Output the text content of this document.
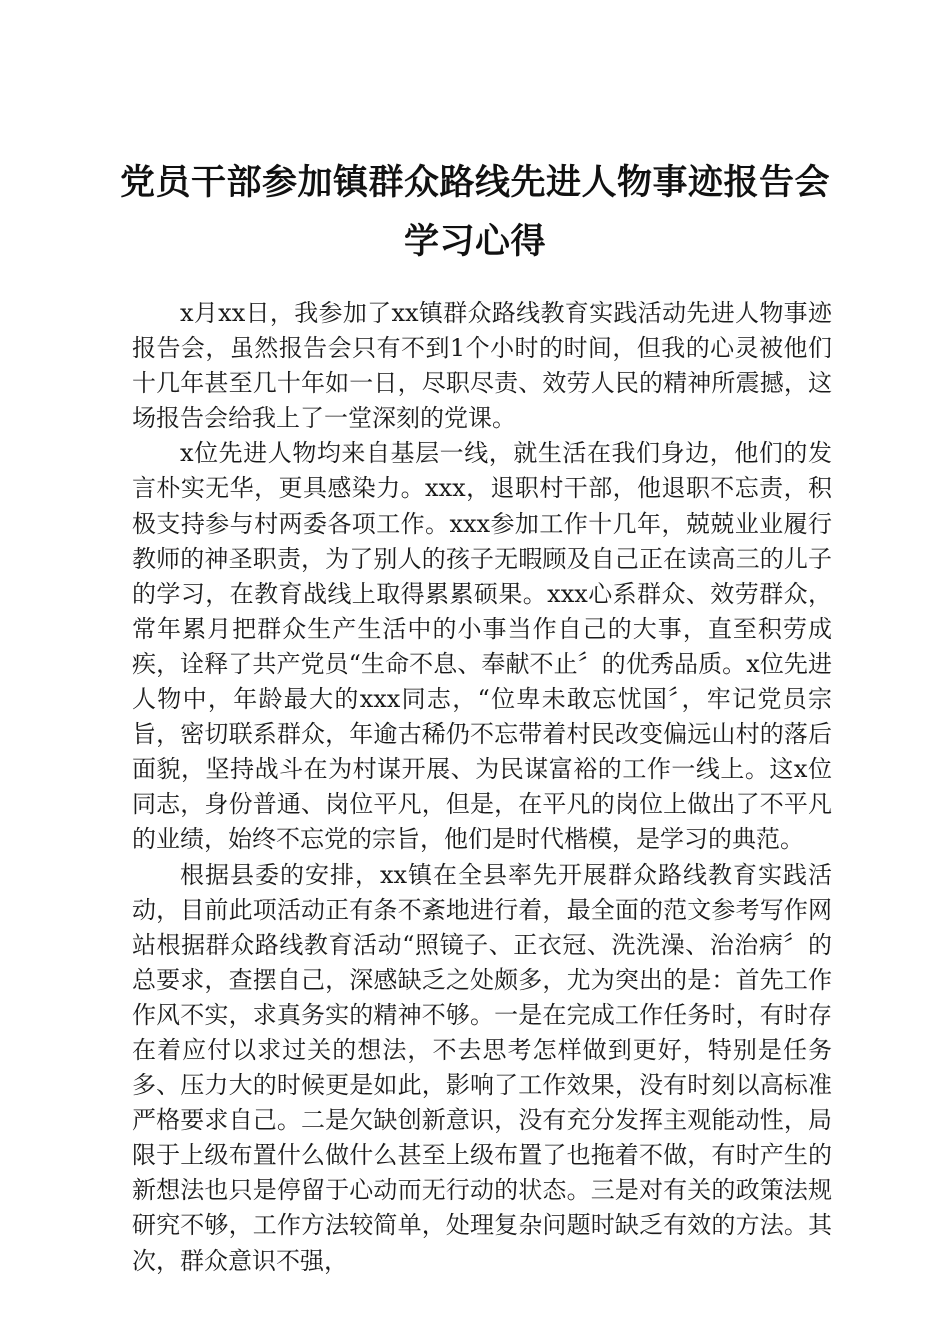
党员干部参加镇群众路线先进人物事迹报告会
学习心得

x月xx日，我参加了xx镇群众路线教育实践活动先进人物事迹报告会，虽然报告会只有不到1个小时的时间，但我的心灵被他们十几年甚至几十年如一日，尽职尽责、效劳人民的精神所震撼，这场报告会给我上了一堂深刻的党课。

x位先进人物均来自基层一线，就生活在我们身边，他们的发言朴实无华，更具感染力。xxx，退职村干部，他退职不忘责，积极支持参与村两委各项工作。xxx参加工作十几年，兢兢业业履行教师的神圣职责，为了别人的孩子无暇顾及自己正在读高三的儿子的学习，在教育战线上取得累累硕果。xxx心系群众、效劳群众，常年累月把群众生产生活中的小事当作自己的大事，直至积劳成疾，诠释了共产党员“生命不息、奉献不止〞的优秀品质。x位先进人物中，年龄最大的xxx同志，“位卑未敢忘忧国〞，牢记党员宗旨，密切联系群众，年逾古稀仍不忘带着村民改变偏远山村的落后面貌，坚持战斗在为村谋开展、为民谋富裕的工作一线上。这x位同志，身份普通、岗位平凡，但是，在平凡的岗位上做出了不平凡的业绩，始终不忘党的宗旨，他们是时代楷模，是学习的典范。

根据县委的安排，xx镇在全县率先开展群众路线教育实践活动，目前此项活动正有条不紊地进行着，最全面的范文参考写作网站根据群众路线教育活动“照镜子、正衣冠、洗洗澡、治治病〞的总要求，查摆自己，深感缺乏之处颇多，尤为突出的是：首先工作作风不实，求真务实的精神不够。一是在完成工作任务时，有时存在着应付以求过关的想法，不去思考怎样做到更好，特别是任务多、压力大的时候更是如此，影响了工作效果，没有时刻以高标准严格要求自己。二是欠缺创新意识，没有充分发挥主观能动性，局限于上级布置什么做什么甚至上级布置了也拖着不做，有时产生的新想法也只是停留于心动而无行动的状态。三是对有关的政策法规研究不够，工作方法较简单，处理复杂问题时缺乏有效的方法。其次，群众意识不强，
